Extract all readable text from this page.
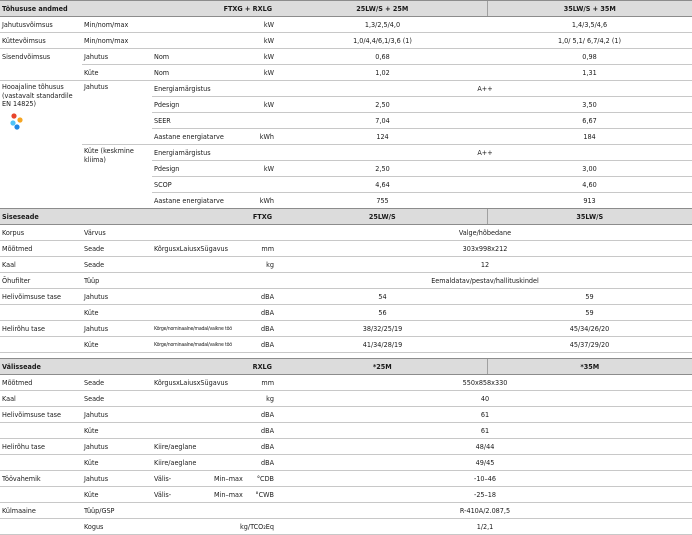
Tõhususe andmed		FTXG + RXLG		25LW/S + 25M	35LW/S + 35M
Jahutusvõimsus	Min/nom/max		kW	1,3/2,5/4,0	1,4/3,5/4,6
Küttevõimsus	Min/nom/max		kW	1,0/4,4/6,1/3,6 (1)	1,0/ 5,1/ 6,7/4,2 (1)
Sisendvõimsus	Jahutus	Nom	kW	0,68	0,98
	Küte	Nom	kW	1,02	1,31

Hooajaline tõhusus (vastavalt standardile EN 14825)	Jahutus	Energiamärgistus		A++	
		Pdesign	kW	2,50	3,50
		SEER		7,04	6,67
		Aastane energiatarve	kWh	124	184

	Küte (keskmine kliima)	Energiamärgistus		A++	
		Pdesign	kW	2,50	3,00
		SCOP		4,64	4,60
		Aastane energiatarve	kWh	755	913
Siseseade		FTXG		25LW/S	35LW/S
Korpus	Värvus			Valge/hõbedane	
Mõõtmed	Seade	KõrgusxLaiusxSügavus	mm	303x998x212	
Kaal	Seade		kg	12	
Õhufilter	Tüüp			Eemaldatav/pestav/hallituskindel	
Helivõimsuse tase	Jahutus		dBA	54	59
	Küte		dBA	56	59
Helirõhu tase	Jahutus	Kõrge/nominaalne/madal/vaikne töö	dBA	38/32/25/19	45/34/26/20
	Küte	Kõrge/nominaalne/madal/vaikne töö	dBA	41/34/28/19	45/37/29/20
Välisseade		RXLG		*25M	*35M
Mõõtmed	Seade	KõrgusxLaiusxSügavus	mm	550x858x330	
Kaal	Seade		kg	40	
Helivõimsuse tase	Jahutus		dBA	61	
	Küte		dBA	61	
Helirõhu tase	Jahutus	Kiire/aeglane	dBA	48/44	
	Küte	Kiire/aeglane	dBA	49/45	
Töövahemik	Jahutus	Välis-	Min–max °CDB	-10–46	
	Küte	Välis-	Min–max °CWB	-25–18	
Külmaaine	Tüüp/GSP			R-410A/2.087,5	
	Kogus		kg/TCO₂Eq	1/2,1	
